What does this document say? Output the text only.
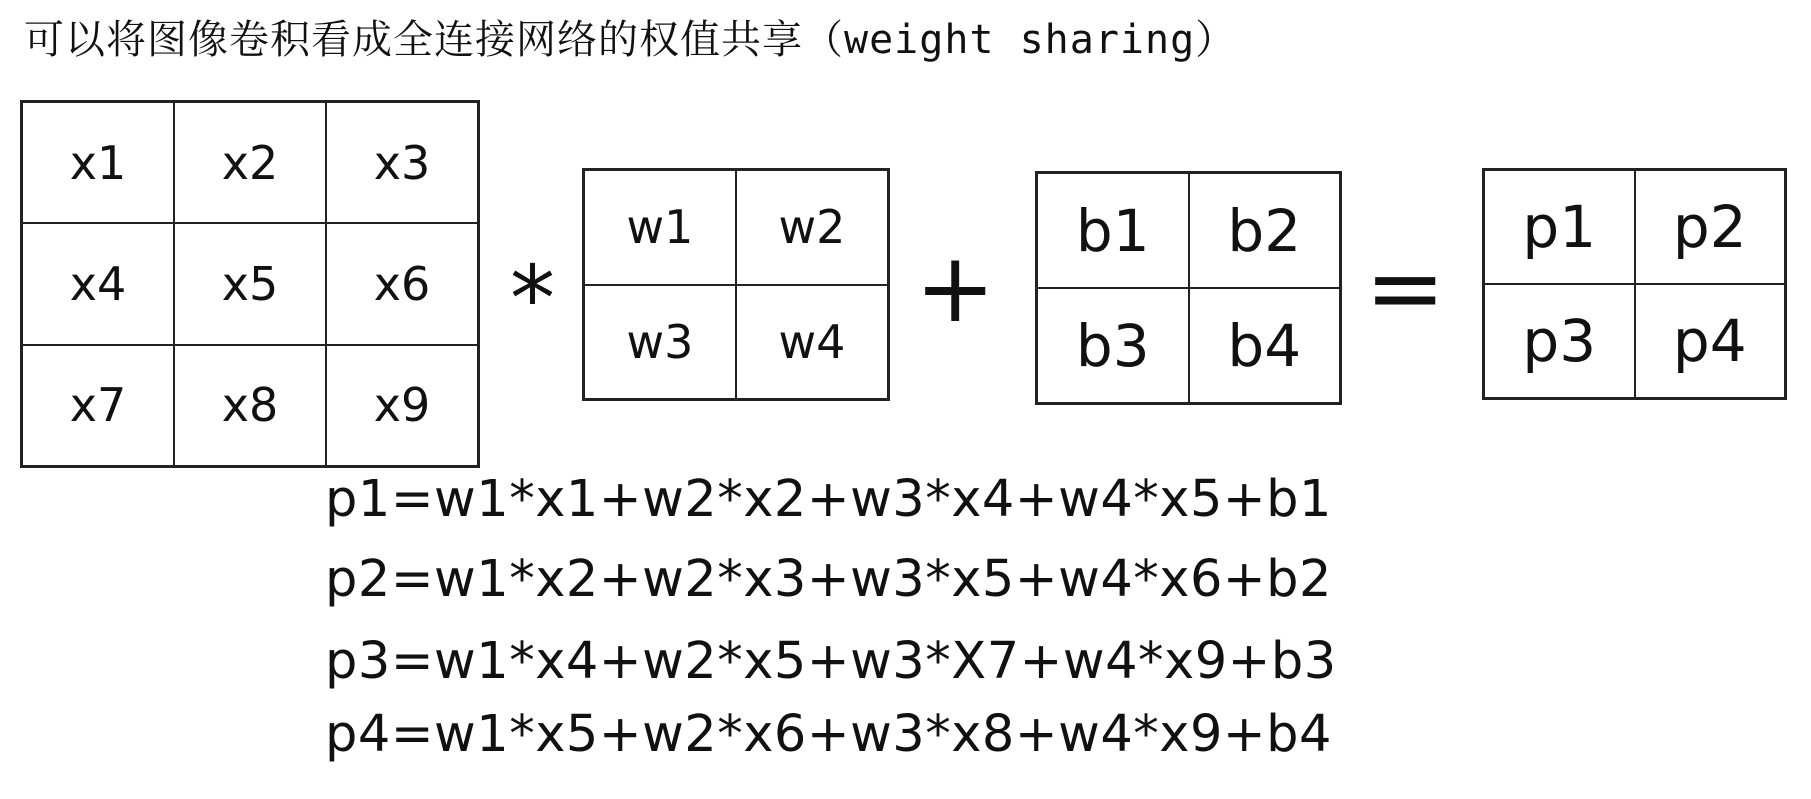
可以将图像卷积看成全连接网络的权值共享（weight sharing）
x1	x2	x3
x4	x5	x6
x7	x8	x9
*
w1	w2
w3	w4 +
b1	b2
b3	b4
=
p1	p2
p3	p4
p1=w1*x1+w2*x2+w3*x4+w4*x5+b1
p2=w1*x2+w2*x3+w3*x5+w4*x6+b2
p3=w1*x4+w2*x5+w3*X7+w4*x9+b3
p4=w1*x5+w2*x6+w3*x8+w4*x9+b4
